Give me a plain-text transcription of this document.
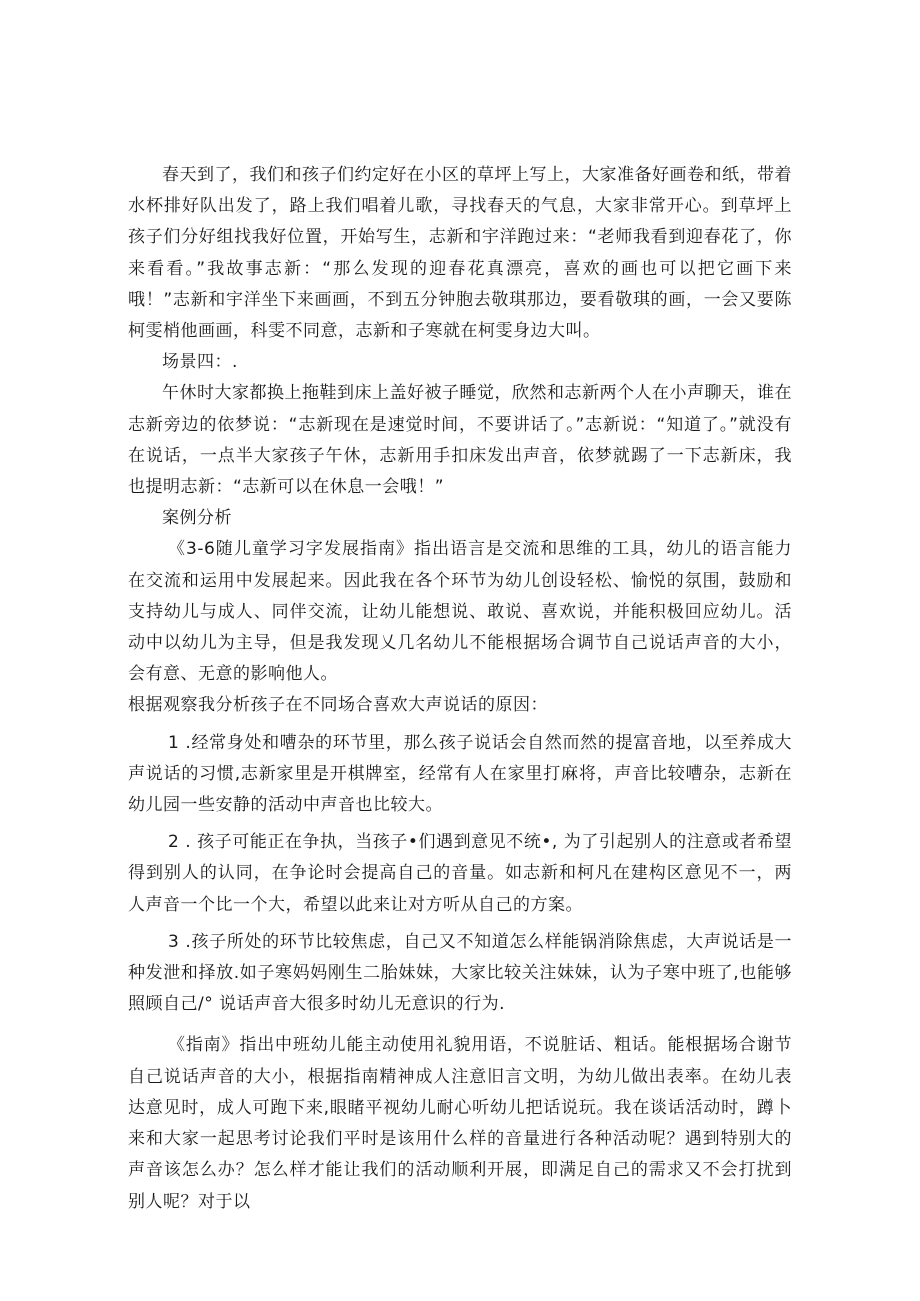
春天到了，我们和孩子们约定好在小区的草坪上写上，大家准备好画卷和纸，带着水杯排好队出发了，路上我们唱着儿歌，寻找春天的气息，大家非常开心。到草坪上孩子们分好组找我好位置，开始写生，志新和宇洋跑过来：“老师我看到迎春花了，你来看看。”我故事志新：“那么发现的迎春花真漂亮，喜欢的画也可以把它画下来哦！”志新和宇洋坐下来画画，不到五分钟胞去敬琪那边，要看敬琪的画，一会又要陈柯雯梢他画画，科雯不同意，志新和子寒就在柯雯身边大叫。

场景四：.

午休时大家都换上拖鞋到床上盖好被子睡觉，欣然和志新两个人在小声聊天，谁在志新旁边的依梦说：“志新现在是速觉时间，不要讲话了。”志新说：“知道了。”就没有在说话，一点半大家孩子午休，志新用手扣床发出声音，依梦就踢了一下志新床，我也提明志新：“志新可以在休息一会哦！”

案例分析

《3-6随儿童学习字发展指南》指出语言是交流和思维的工具，幼儿的语言能力在交流和运用中发展起来。因此我在各个环节为幼儿创设轻松、愉悦的氛围，鼓励和支持幼儿与成人、同伴交流，让幼儿能想说、敢说、喜欢说，并能积极回应幼儿。活动中以幼儿为主导，但是我发现乂几名幼儿不能根据场合调节自己说话声音的大小，会有意、无意的影响他人。

根据观察我分析孩子在不同场合喜欢大声说话的原因：

1 .经常身处和嘈杂的环节里，那么孩子说话会自然而然的提富音地，以至养成大声说话的习惯,志新家里是开棋牌室，经常有人在家里打麻将，声音比较嘈杂，志新在幼儿园一些安静的活动中声音也比较大。

2 . 孩子可能正在争执，当孩子•们遇到意见不统•, 为了引起别人的注意或者希望得到别人的认同，在争论时会提高自己的音量。如志新和柯凡在建构区意见不一，两人声音一个比一个大，希望以此来让对方听从自己的方案。

3 .孩子所处的环节比较焦虑，自己又不知道怎么样能锅消除焦虑，大声说话是一种发泄和择放.如子寒妈妈刚生二胎妹妹，大家比较关注妹妹，认为子寒中班了,也能够照顾自己/° 说话声音大很多时幼儿无意识的行为.

《指南》指出中班幼儿能主动使用礼貌用语，不说脏话、粗话。能根据场合谢节自己说话声音的大小，根据指南精神成人注意旧言文明，为幼儿做出表率。在幼儿表达意见时，成人可跑下来,眼睹平视幼儿耐心听幼儿把话说玩。我在谈话活动时，蹲卜来和大家一起思考讨论我们平时是该用什么样的音量进行各种活动呢？遇到特别大的声音该怎么办？怎么样才能让我们的活动顺利开展，即满足自己的需求又不会打扰到别人呢？对于以
